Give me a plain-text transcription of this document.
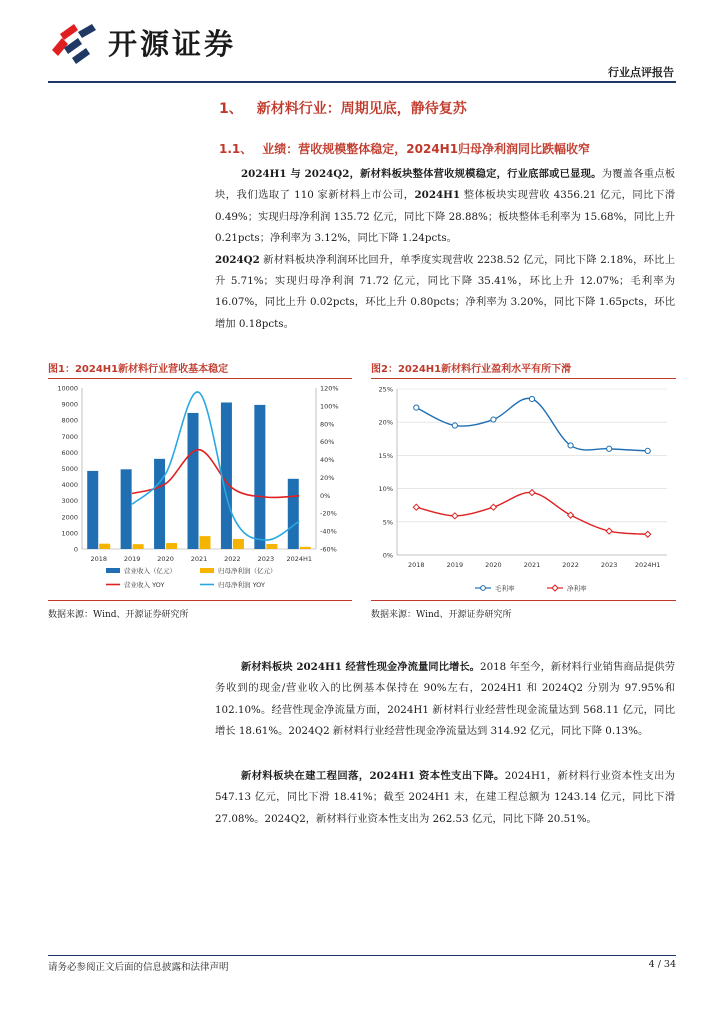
开源证券
行业点评报告
1、 新材料行业：周期见底，静待复苏
1.1、 业绩：营收规模整体稳定，2024H1归母净利润同比跌幅收窄

2024H1 与 2024Q2，新材料板块整体营收规模稳定，行业底部或已显现。为覆盖各重点板块，我们选取了 110 家新材料上市公司，2024H1 整体板块实现营收 4356.21 亿元，同比下滑 0.49%；实现归母净利润 135.72 亿元，同比下降 28.88%；板块整体毛利率为 15.68%，同比上升 0.21pcts；净利率为 3.12%，同比下降 1.24pcts。
2024Q2 新材料板块净利润环比回升，单季度实现营收 2238.52 亿元，同比下降 2.18%，环比上升 5.71%；实现归母净利润 71.72 亿元，同比下降 35.41%，环比上升 12.07%；毛利率为 16.07%，同比上升 0.02pcts，环比上升 0.80pcts；净利率为 3.20%，同比下降 1.65pcts，环比增加 0.18pcts。

图1：2024H1新材料行业营收基本稳定
0
1000
2000
3000
4000
5000
6000
7000
8000
9000
10000
-60%
-40%
-20%
0%
20%
40%
60%
80%
100%
120%
2018	2019	2020	2021	2022	2023 2024H1
营业收入（亿元）	归母净利润（亿元）
营业收入 YOY	归母净利润 YOY
数据来源：Wind、开源证券研究所
图2：2024H1新材料行业盈利水平有所下滑
0%
5%
10%
15%
20%
25%
2018	2019	2020	2021	2022	2023	2024H1
毛利率	净利率
数据来源：Wind、开源证券研究所

新材料板块 2024H1 经营性现金净流量同比增长。2018 年至今，新材料行业销售商品提供劳务收到的现金/营业收入的比例基本保持在 90%左右，2024H1 和 2024Q2 分别为 97.95%和 102.10%。经营性现金净流量方面，2024H1 新材料行业经营性现金流量达到 568.11 亿元，同比增长 18.61%。2024Q2 新材料行业经营性现金净流量达到 314.92 亿元，同比下降 0.13%。

新材料板块在建工程回落，2024H1 资本性支出下降。2024H1，新材料行业资本性支出为 547.13 亿元，同比下滑 18.41%；截至 2024H1 末，在建工程总额为 1243.14 亿元，同比下滑 27.08%。2024Q2，新材料行业资本性支出为 262.53 亿元，同比下降 20.51%。

请务必参阅正文后面的信息披露和法律声明	4 / 34
